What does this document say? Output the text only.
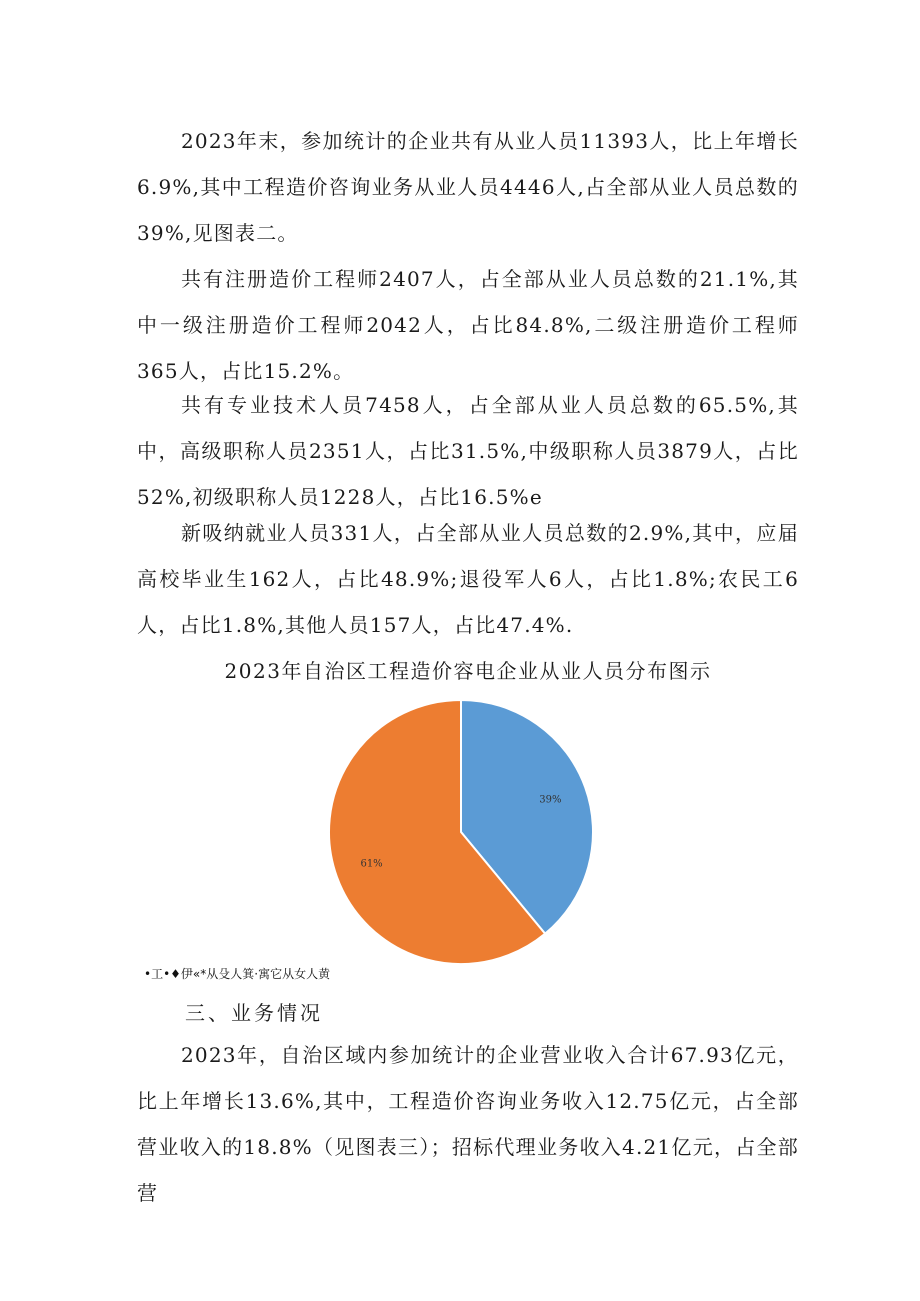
2023年末，参加统计的企业共有从业人员11393人，比上年增长6.9%,其中工程造价咨询业务从业人员4446人,占全部从业人员总数的39%,见图表二。

共有注册造价工程师2407人，占全部从业人员总数的21.1%,其中一级注册造价工程师2042人，占比84.8%,二级注册造价工程师365人，占比15.2%。

共有专业技术人员7458人，占全部从业人员总数的65.5%,其中，高级职称人员2351人，占比31.5%,中级职称人员3879人，占比52%,初级职称人员1228人，占比16.5%e

新吸纳就业人员331人，占全部从业人员总数的2.9%,其中，应届高校毕业生162人，占比48.9%;退役军人6人，占比1.8%;农民工6人，占比1.8%,其他人员157人，占比47.4%.

2023年自治区工程造价容电企业从业人员分布图示

39%
61%
•工•♦伊«*从殳人箕·寓它从女人黄

三、业务情况

2023年，自治区域内参加统计的企业营业收入合计67.93亿元，比上年增长13.6%,其中，工程造价咨询业务收入12.75亿元，占全部营业收入的18.8%（见图表三）；招标代理业务收入4.21亿元，占全部营
